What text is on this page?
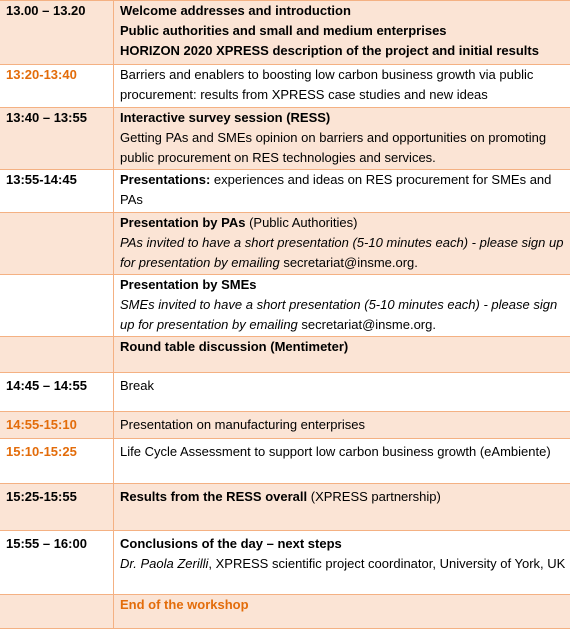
13.00 – 13.20	Welcome addresses and introduction
Public authorities and small and medium enterprises
HORIZON 2020 XPRESS description of the project and initial results

13:20-13:40	Barriers and enablers to boosting low carbon business growth via public procurement: results from XPRESS case studies and new ideas
13:40 – 13:55	Interactive survey session (RESS)
Getting PAs and SMEs opinion on barriers and opportunities on promoting public procurement on RES technologies and services.
13:55-14:45	Presentations: experiences and ideas on RES procurement for SMEs and PAs

	Presentation by PAs (Public Authorities)
PAs invited to have a short presentation (5-10 minutes each) - please sign up for presentation by emailing secretariat@insme.org.

	Presentation by SMEs
SMEs invited to have a short presentation (5-10 minutes each) - please sign up for presentation by emailing secretariat@insme.org.
	Round table discussion (Mentimeter)
14:45 – 14:55	Break
14:55-15:10	Presentation on manufacturing enterprises
15:10-15:25	Life Cycle Assessment to support low carbon business growth (eAmbiente)
15:25-15:55	Results from the RESS overall (XPRESS partnership)
15:55 – 16:00	Conclusions of the day – next steps
Dr. Paola Zerilli, XPRESS scientific project coordinator, University of York, UK
	End of the workshop
